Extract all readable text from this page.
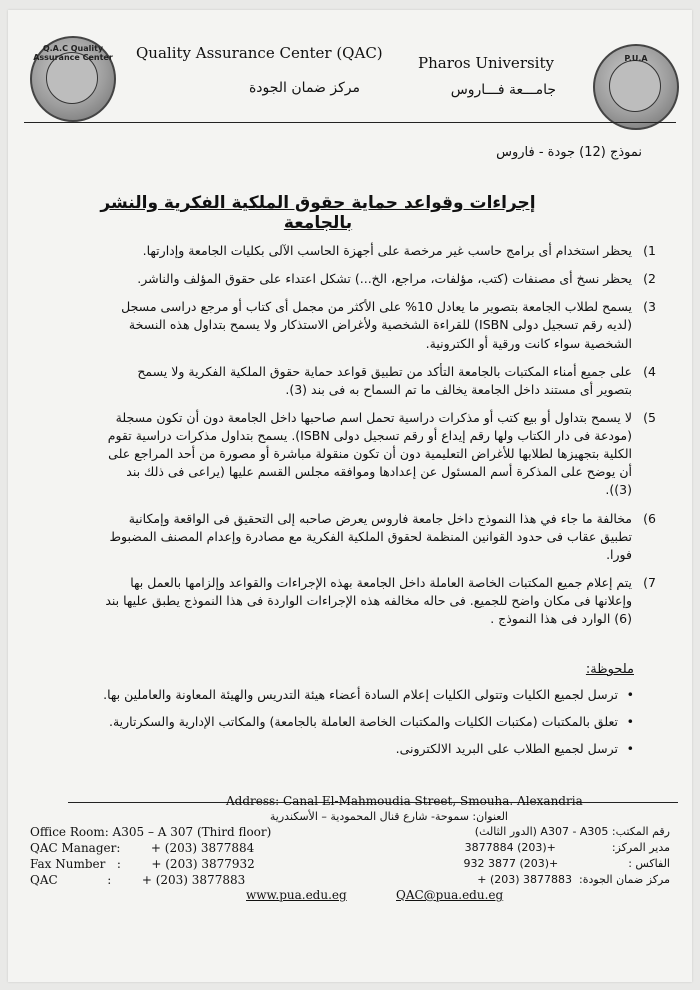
Q.A.C Quality Assurance Center Quality Assurance Center (QAC)
مركز ضمان الجودة
Pharos University
جامـــعة فـــاروس
P.U.A
نموذج (12) جودة - فاروس
إجراءات وقواعد حماية حقوق الملكية الفكرية والنشر بالجامعة
1)
يحظر استخدام أى برامج حاسب غير مرخصة على أجهزة الحاسب الآلى بكليات الجامعة وإدارتها.
2)
يحظر نسخ أى مصنفات (كتب، مؤلفات، مراجع، الخ...) تشكل اعتداء على حقوق المؤلف والناشر.
3)
يسمح لطلاب الجامعة بتصوير ما يعادل 10% على الأكثر من مجمل أى كتاب أو مرجع دراسى مسجل (لديه رقم تسجيل دولى ISBN) للقراءة الشخصية ولأغراض الاستذكار ولا يسمح بتداول هذه النسخة الشخصية سواء كانت ورقية أو الكترونية.
4)
على جميع أمناء المكتبات بالجامعة التأكد من تطبيق قواعد حماية حقوق الملكية الفكرية ولا يسمح بتصوير أى مستند داخل الجامعة يخالف ما تم السماح به فى بند (3).
5)
لا يسمح بتداول أو بيع كتب أو مذكرات دراسية تحمل اسم صاحبها داخل الجامعة دون أن تكون مسجلة (مودعة فى دار الكتاب ولها رقم إيداع أو رقم تسجيل دولى ISBN). يسمح بتداول مذكرات دراسية تقوم الكلية بتجهيزها لطلابها للأغراض التعليمية دون أن تكون منقولة مباشرة أو مصورة من أحد المراجع على أن يوضح على المذكرة أسم المسئول عن إعدادها وموافقه مجلس القسم عليها (يراعى فى ذلك بند (3)).
6)
مخالفة ما جاء في هذا النموذج داخل جامعة فاروس يعرض صاحبه إلى التحقيق فى الواقعة وإمكانية تطبيق عقاب فى حدود القوانين المنظمة لحقوق الملكية الفكرية مع مصادرة وإعدام المصنف المضبوط فورا.
7)
يتم إعلام جميع المكتبات الخاصة العاملة داخل الجامعة بهذه الإجراءات والقواعد وإلزامها بالعمل بها وإعلانها فى مكان واضح للجميع. فى حاله مخالفه هذه الإجراءات الواردة فى هذا النموذج يطبق عليها بند (6) الوارد فى هذا النموذج .
ملحوظة:
•
ترسل لجميع الكليات وتتولى الكليات إعلام السادة أعضاء هيئة التدريس والهيئة المعاونة والعاملين بها.
•
تعلق بالمكتبات (مكتبات الكليات والمكتبات الخاصة العاملة بالجامعة) والمكاتب الإدارية والسكرتارية.
•
ترسل لجميع الطلاب على البريد الالكترونى.
Address: Canal El-Mahmoudia Street, Smouha. Alexandria
العنوان: سموحة- شارع قنال المحمودية – الأسكندرية
Office Room: A305 – A 307 (Third floor)	رقم المكتب: A307 - A305 (الدور الثالث)
QAC Manager:        + (203) 3877884	مدير المركز:                +(203) 3877884
Fax Number   :        + (203) 3877932	الفاكس :                    +(203) 3877 932
QAC             :        + (203) 3877883	مركز ضمان الجودة:  3877883 (203) +
www.pua.edu.eg	QAC@pua.edu.eg
